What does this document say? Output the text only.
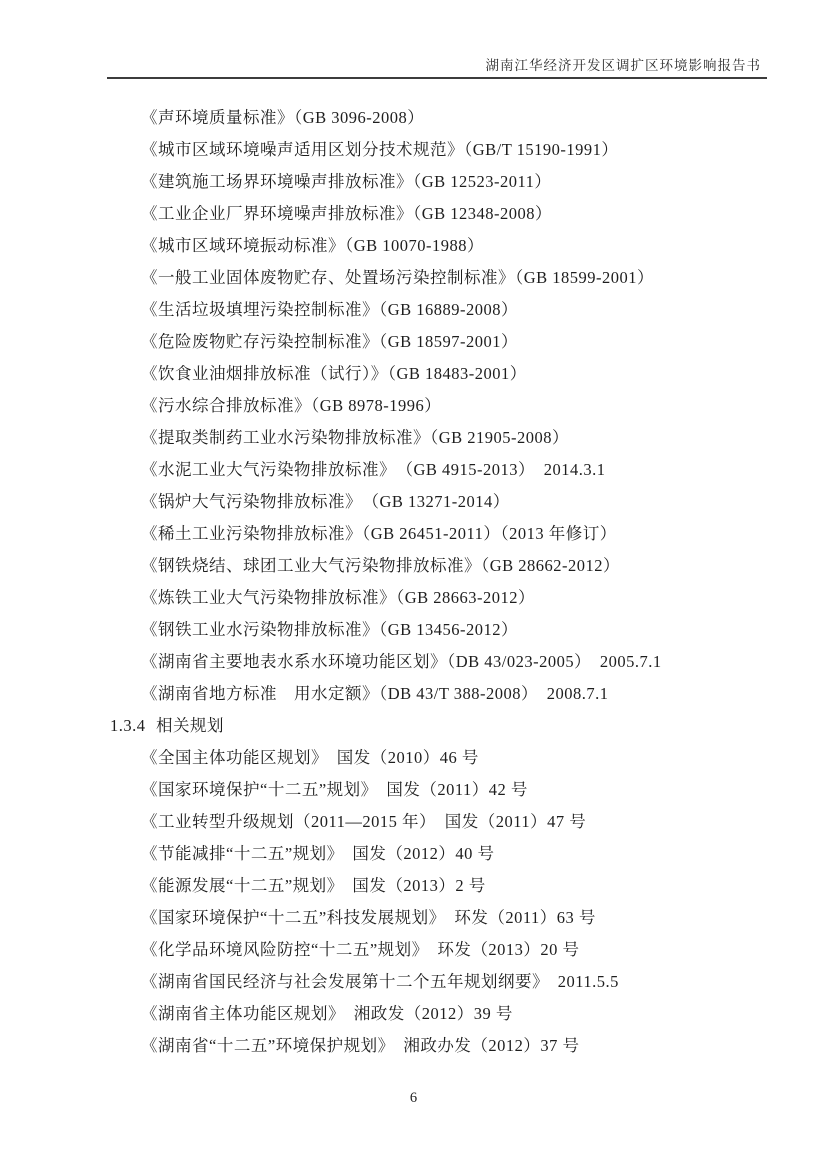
湖南江华经济开发区调扩区环境影响报告书
《声环境质量标准》（GB 3096-2008）
《城市区域环境噪声适用区划分技术规范》（GB/T 15190-1991）
《建筑施工场界环境噪声排放标准》（GB 12523-2011）
《工业企业厂界环境噪声排放标准》（GB 12348-2008）
《城市区域环境振动标准》（GB 10070-1988）
《一般工业固体废物贮存、处置场污染控制标准》（GB 18599-2001）
《生活垃圾填埋污染控制标准》（GB 16889-2008）
《危险废物贮存污染控制标准》（GB 18597-2001）
《饮食业油烟排放标准（试行）》（GB 18483-2001）
《污水综合排放标准》（GB 8978-1996）
《提取类制药工业水污染物排放标准》（GB 21905-2008）
《水泥工业大气污染物排放标准》　（GB 4915-2013）　2014.3.1
《锅炉大气污染物排放标准》　（GB 13271-2014）
《稀土工业污染物排放标准》（GB 26451-2011）（2013 年修订）
《钢铁烧结、球团工业大气污染物排放标准》（GB 28662-2012）
《炼铁工业大气污染物排放标准》（GB 28663-2012）
《钢铁工业水污染物排放标准》（GB 13456-2012）
《湖南省主要地表水系水环境功能区划》（DB 43/023-2005）　2005.7.1
《湖南省地方标准　用水定额》（DB 43/T 388-2008）　2008.7.1
1.3.4 相关规划
《全国主体功能区规划》　国发（2010）46 号
《国家环境保护“十二五”规划》　国发（2011）42 号
《工业转型升级规划（2011—2015 年）　国发（2011）47 号
《节能减排“十二五”规划》　国发（2012）40 号
《能源发展“十二五”规划》　国发（2013）2 号
《国家环境保护“十二五”科技发展规划》　环发（2011）63 号
《化学品环境风险防控“十二五”规划》　环发（2013）20 号
《湖南省国民经济与社会发展第十二个五年规划纲要》　2011.5.5
《湖南省主体功能区规划》　湘政发（2012）39 号
《湖南省“十二五”环境保护规划》　湘政办发（2012）37 号
6
